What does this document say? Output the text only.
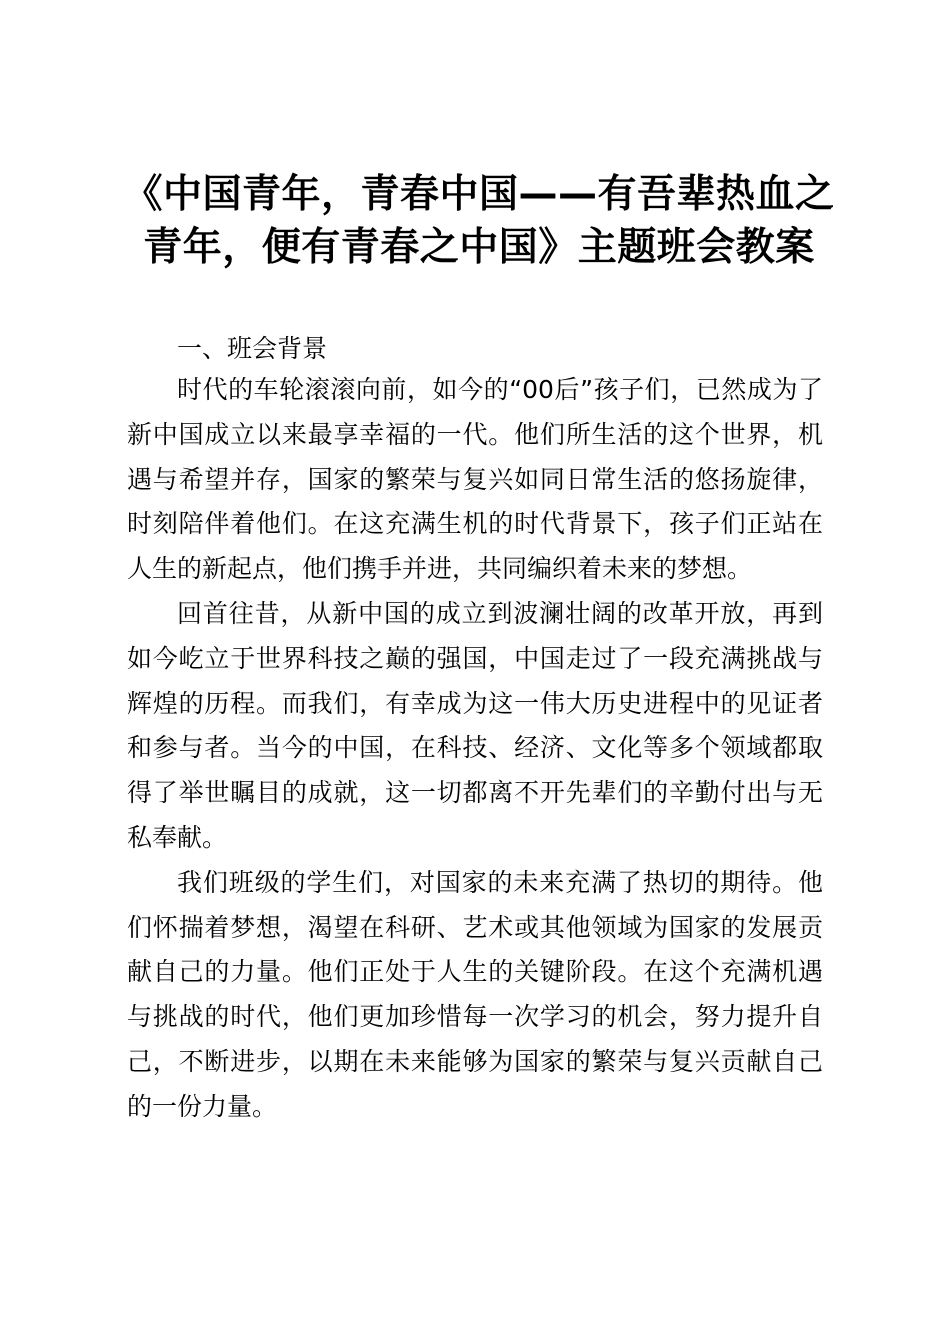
《中国青年，青春中国——有吾辈热血之青年，便有青春之中国》主题班会教案
一、班会背景

时代的车轮滚滚向前，如今的“00后”孩子们，已然成为了新中国成立以来最享幸福的一代。他们所生活的这个世界，机遇与希望并存，国家的繁荣与复兴如同日常生活的悠扬旋律，时刻陪伴着他们。在这充满生机的时代背景下，孩子们正站在人生的新起点，他们携手并进，共同编织着未来的梦想。

回首往昔，从新中国的成立到波澜壮阔的改革开放，再到如今屹立于世界科技之巅的强国，中国走过了一段充满挑战与辉煌的历程。而我们，有幸成为这一伟大历史进程中的见证者和参与者。当今的中国，在科技、经济、文化等多个领域都取得了举世瞩目的成就，这一切都离不开先辈们的辛勤付出与无私奉献。

我们班级的学生们，对国家的未来充满了热切的期待。他们怀揣着梦想，渴望在科研、艺术或其他领域为国家的发展贡献自己的力量。他们正处于人生的关键阶段。在这个充满机遇与挑战的时代，他们更加珍惜每一次学习的机会，努力提升自己，不断进步，以期在未来能够为国家的繁荣与复兴贡献自己的一份力量。
